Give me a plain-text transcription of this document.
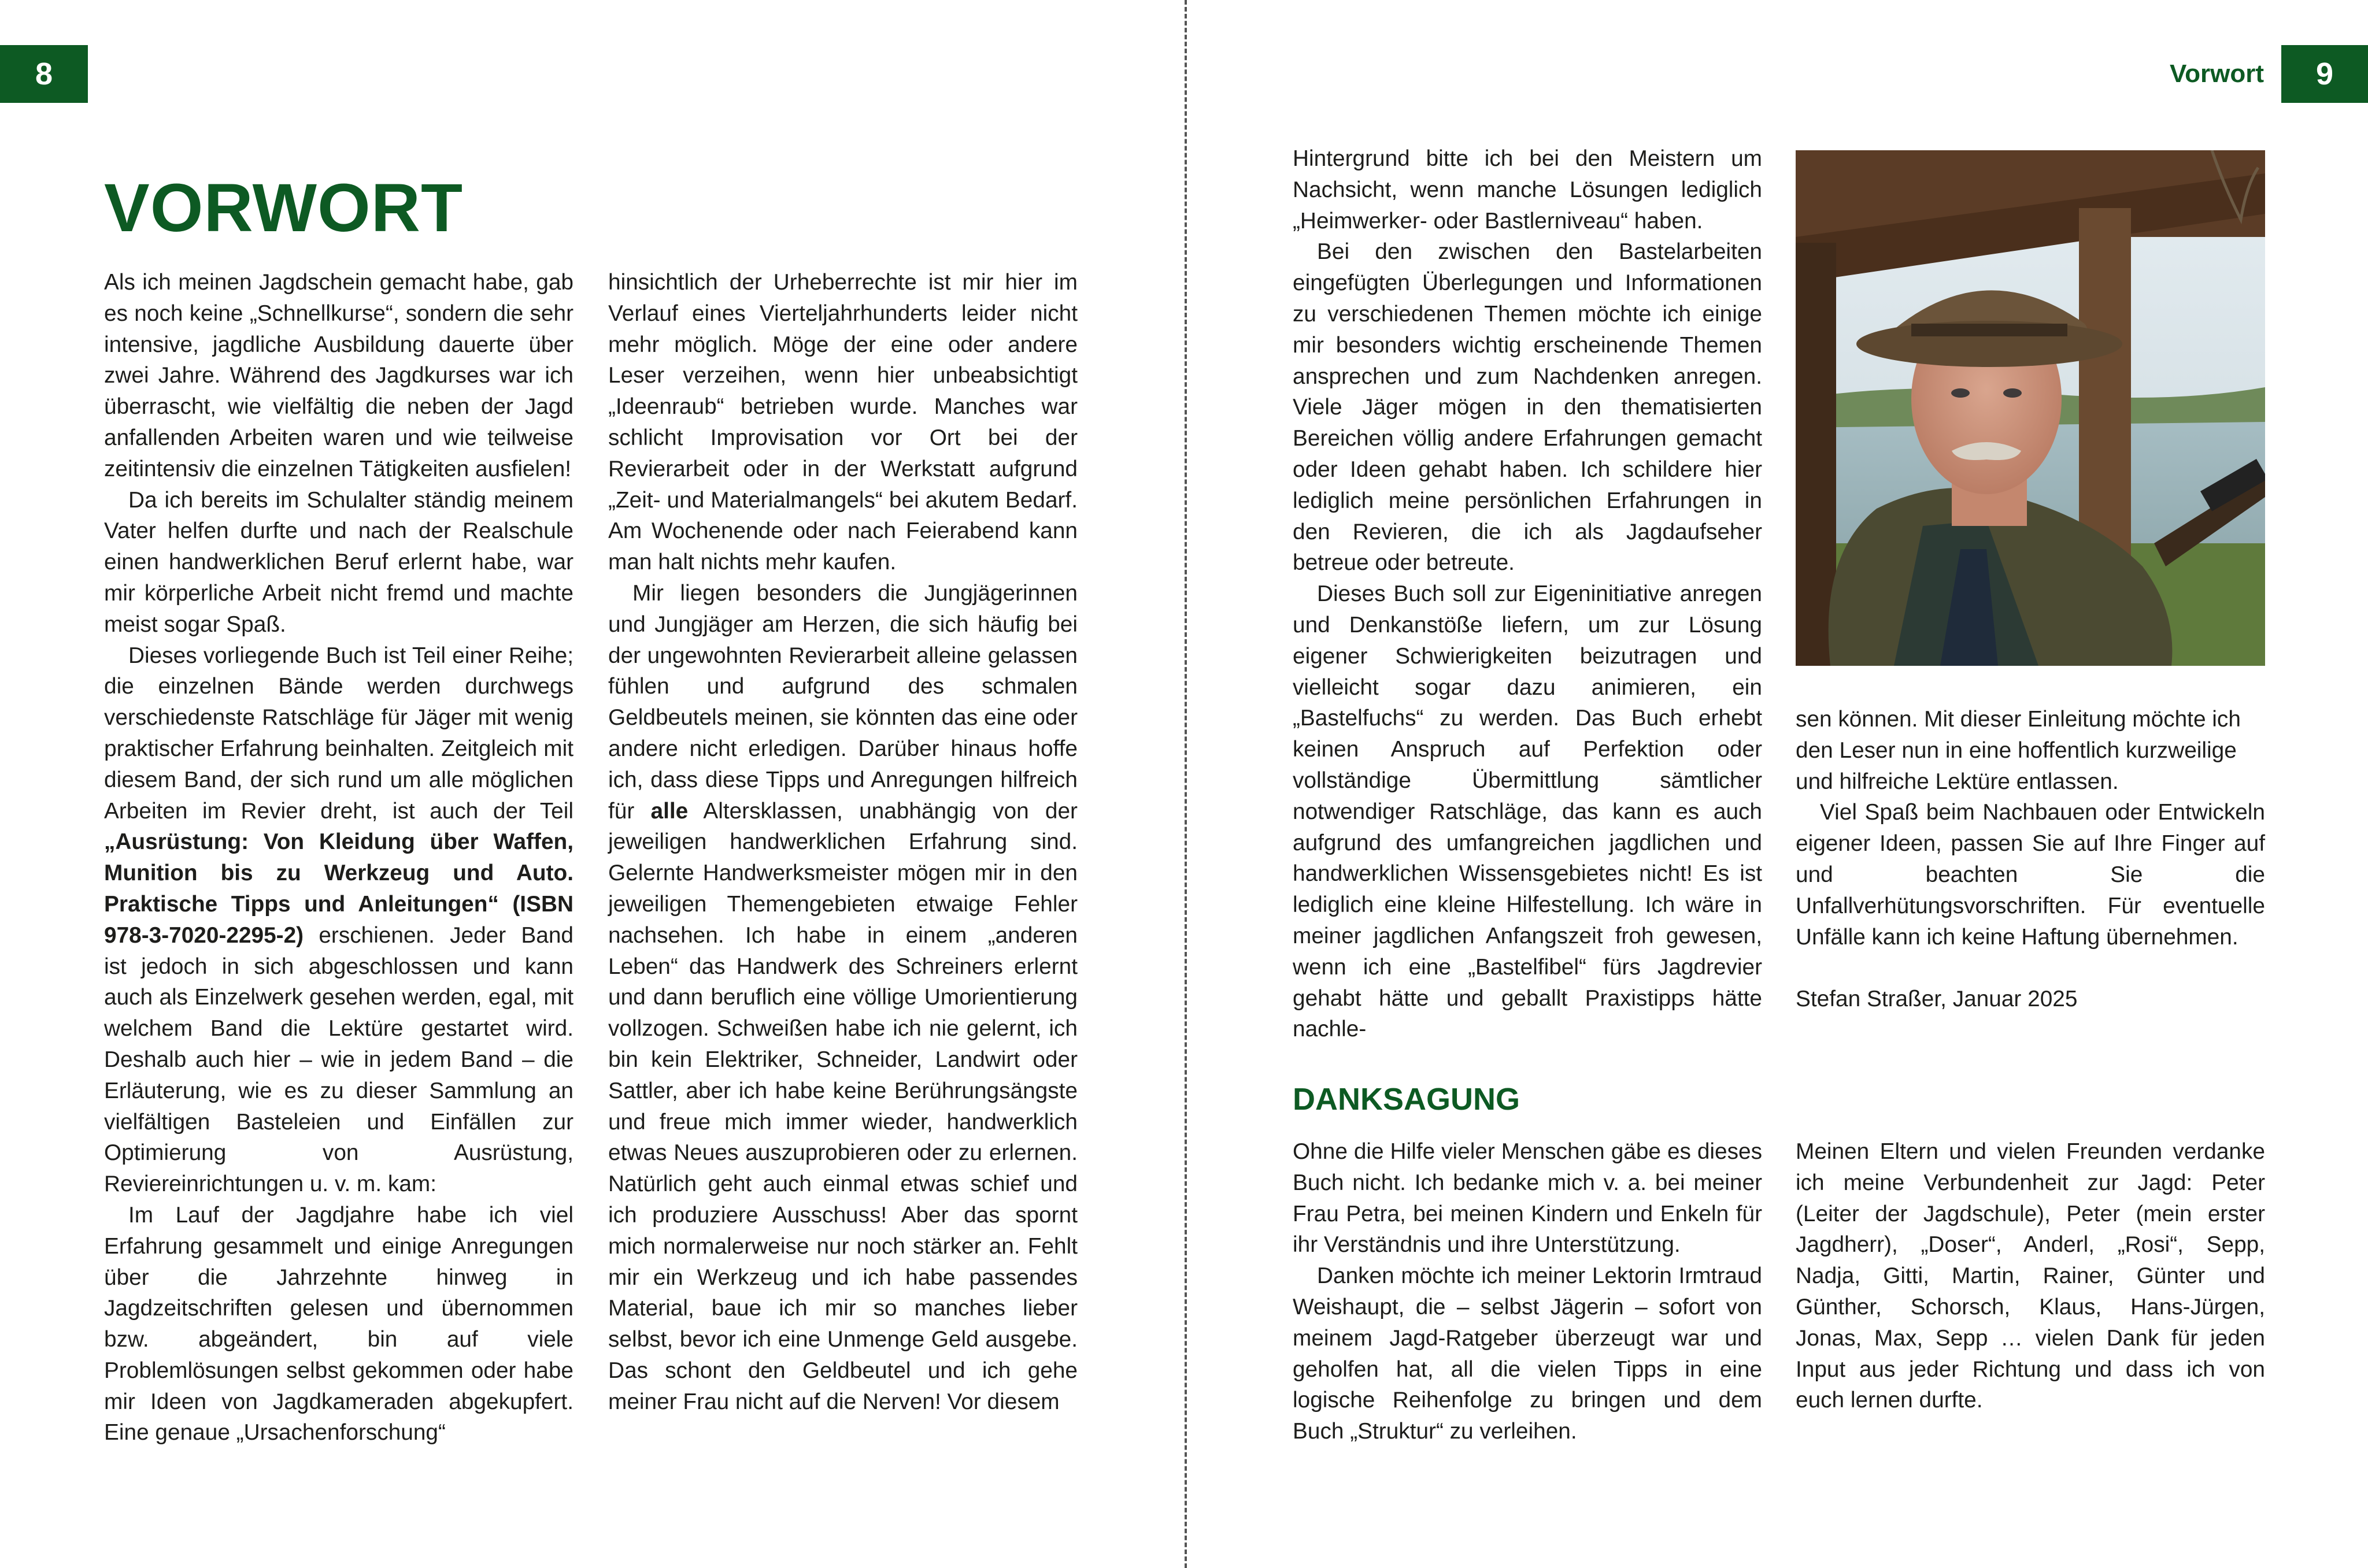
8	Vorwort	9
VORWORT

Als ich meinen Jagdschein gemacht habe, gab es noch keine „Schnellkurse“, sondern die sehr intensive, jagdliche Ausbildung dauerte über zwei Jahre. Während des Jagdkurses war ich überrascht, wie vielfältig die neben der Jagd anfallenden Arbeiten waren und wie teilweise zeitintensiv die einzelnen Tätigkeiten ausfielen!

Da ich bereits im Schulalter ständig meinem Vater helfen durfte und nach der Realschule einen handwerklichen Beruf erlernt habe, war mir körperliche Arbeit nicht fremd und machte meist sogar Spaß.

Dieses vorliegende Buch ist Teil einer Reihe; die einzelnen Bände werden durchwegs verschiedenste Ratschläge für Jäger mit wenig praktischer Erfahrung beinhalten. Zeitgleich mit diesem Band, der sich rund um alle möglichen Arbeiten im Revier dreht, ist auch der Teil „Ausrüstung: Von Kleidung über Waffen, Munition bis zu Werkzeug und Auto. Praktische Tipps und Anleitungen“ (ISBN 978-3-7020-2295-2) erschienen. Jeder Band ist jedoch in sich abgeschlossen und kann auch als Einzelwerk gesehen werden, egal, mit welchem Band die Lektüre gestartet wird. Deshalb auch hier – wie in jedem Band – die Erläuterung, wie es zu dieser Sammlung an vielfältigen Basteleien und Einfällen zur Optimierung von Ausrüstung, Reviereinrichtungen u. v. m. kam:

Im Lauf der Jagdjahre habe ich viel Erfahrung gesammelt und einige Anregungen über die Jahrzehnte hinweg in Jagdzeitschriften gelesen und übernommen bzw. abgeändert, bin auf viele Problemlösungen selbst gekommen oder habe mir Ideen von Jagdkameraden abgekupfert. Eine genaue „Ursachenforschung“

hinsichtlich der Urheberrechte ist mir hier im Verlauf eines Vierteljahrhunderts leider nicht mehr möglich. Möge der eine oder andere Leser verzeihen, wenn hier unbeabsichtigt „Ideenraub“ betrieben wurde. Manches war schlicht Improvisation vor Ort bei der Revierarbeit oder in der Werkstatt aufgrund „Zeit- und Materialmangels“ bei akutem Bedarf. Am Wochenende oder nach Feierabend kann man halt nichts mehr kaufen.

Mir liegen besonders die Jungjägerinnen und Jungjäger am Herzen, die sich häufig bei der ungewohnten Revierarbeit alleine gelassen fühlen und aufgrund des schmalen Geldbeutels meinen, sie könnten das eine oder andere nicht erledigen. Darüber hinaus hoffe ich, dass diese Tipps und Anregungen hilfreich für alle Altersklassen, unabhängig von der jeweiligen handwerklichen Erfahrung sind. Gelernte Handwerksmeister mögen mir in den jeweiligen Themengebieten etwaige Fehler nachsehen. Ich habe in einem „anderen Leben“ das Handwerk des Schreiners erlernt und dann beruflich eine völlige Umorientierung vollzogen. Schweißen habe ich nie gelernt, ich bin kein Elektriker, Schneider, Landwirt oder Sattler, aber ich habe keine Berührungsängste und freue mich immer wieder, handwerklich etwas Neues auszuprobieren oder zu erlernen. Natürlich geht auch einmal etwas schief und ich produziere Ausschuss! Aber das spornt mich normalerweise nur noch stärker an. Fehlt mir ein Werkzeug und ich habe passendes Material, baue ich mir so manches lieber selbst, bevor ich eine Unmenge Geld ausgebe. Das schont den Geldbeutel und ich gehe meiner Frau nicht auf die Nerven! Vor diesem

Hintergrund bitte ich bei den Meistern um Nachsicht, wenn manche Lösungen lediglich „Heimwerker- oder Bastlerniveau“ haben.

Bei den zwischen den Bastelarbeiten eingefügten Überlegungen und Informationen zu verschiedenen Themen möchte ich einige mir besonders wichtig erscheinende Themen ansprechen und zum Nachdenken anregen. Viele Jäger mögen in den thematisierten Bereichen völlig andere Erfahrungen gemacht oder Ideen gehabt haben. Ich schildere hier lediglich meine persönlichen Erfahrungen in den Revieren, die ich als Jagdaufseher betreue oder betreute.

Dieses Buch soll zur Eigeninitiative anregen und Denkanstöße liefern, um zur Lösung eigener Schwierigkeiten beizutragen und vielleicht sogar dazu animieren, ein „Bastelfuchs“ zu werden. Das Buch erhebt keinen Anspruch auf Perfektion oder vollständige Übermittlung sämtlicher notwendiger Ratschläge, das kann es auch aufgrund des umfangreichen jagdlichen und handwerklichen Wissensgebietes nicht! Es ist lediglich eine kleine Hilfestellung. Ich wäre in meiner jagdlichen Anfangszeit froh gewesen, wenn ich eine „Bastelfibel“ fürs Jagdrevier gehabt hätte und geballt Praxistipps hätte nachle-

sen können. Mit dieser Einleitung möchte ich den Leser nun in eine hoffentlich kurzweilige und hilfreiche Lektüre entlassen.

Viel Spaß beim Nachbauen oder Entwickeln eigener Ideen, passen Sie auf Ihre Finger auf und beachten Sie die Unfallverhütungsvorschriften. Für eventuelle Unfälle kann ich keine Haftung übernehmen.

Stefan Straßer, Januar 2025

DANKSAGUNG

Ohne die Hilfe vieler Menschen gäbe es dieses Buch nicht. Ich bedanke mich v. a. bei meiner Frau Petra, bei meinen Kindern und Enkeln für ihr Verständnis und ihre Unterstützung.

Danken möchte ich meiner Lektorin Irmtraud Weishaupt, die – selbst Jägerin – sofort von meinem Jagd-Ratgeber überzeugt war und geholfen hat, all die vielen Tipps in eine logische Reihenfolge zu bringen und dem Buch „Struktur“ zu verleihen.

Meinen Eltern und vielen Freunden verdanke ich meine Verbundenheit zur Jagd: Peter (Leiter der Jagdschule), Peter (mein erster Jagdherr), „Doser“, Anderl, „Rosi“, Sepp, Nadja, Gitti, Martin, Rainer, Günter und Günther, Schorsch, Klaus, Hans-Jürgen, Jonas, Max, Sepp … vielen Dank für jeden Input aus jeder Richtung und dass ich von euch lernen durfte.
